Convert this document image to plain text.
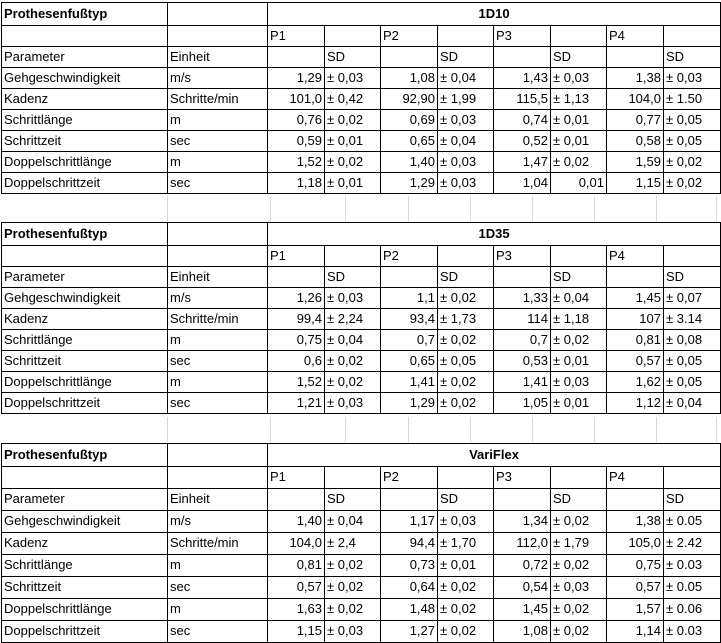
Prothesenfußtyp		1D10							
		P1		P2		P3		P4	
Parameter	Einheit		SD		SD		SD		SD
Gehgeschwindigkeit	m/s	1,29	± 0,03	1,08	± 0,04	1,43	± 0,03	1,38	± 0,03
Kadenz	Schritte/min	101,0	± 0,42	92,90	± 1,99	115,5	± 1,13	104,0	± 1.50
Schrittlänge	m	0,76	± 0,02	0,69	± 0,03	0,74	± 0,01	0,77	± 0,05
Schrittzeit	sec	0,59	± 0,01	0,65	± 0,04	0,52	± 0,01	0,58	± 0,05
Doppelschrittlänge	m	1,52	± 0,02	1,40	± 0,03	1,47	± 0,02	1,59	± 0,02
Doppelschrittzeit	sec	1,18	± 0,01	1,29	± 0,03	1,04	0,01	1,15	± 0,02
Prothesenfußtyp		1D35							
		P1		P2		P3		P4	
Parameter	Einheit		SD		SD		SD		SD
Gehgeschwindigkeit	m/s	1,26	± 0,03	1,1	± 0,02	1,33	± 0,04	1,45	± 0,07
Kadenz	Schritte/min	99,4	± 2,24	93,4	± 1,73	114	± 1,18	107	± 3.14
Schrittlänge	m	0,75	± 0,04	0,7	± 0,02	0,7	± 0,02	0,81	± 0,08
Schrittzeit	sec	0,6	± 0,02	0,65	± 0,05	0,53	± 0,01	0,57	± 0,05
Doppelschrittlänge	m	1,52	± 0,02	1,41	± 0,02	1,41	± 0,03	1,62	± 0,05
Doppelschrittzeit	sec	1,21	± 0,03	1,29	± 0,02	1,05	± 0,01	1,12	± 0,04
Prothesenfußtyp		VariFlex							
		P1		P2		P3		P4	
Parameter	Einheit		SD		SD		SD		SD
Gehgeschwindigkeit	m/s	1,40	± 0,04	1,17	± 0,03	1,34	± 0,02	1,38	± 0.05
Kadenz	Schritte/min	104,0	± 2,4	94,4	± 1,70	112,0	± 1,79	105,0	± 2.42
Schrittlänge	m	0,81	± 0,02	0,73	± 0,01	0,72	± 0,02	0,75	± 0.03
Schrittzeit	sec	0,57	± 0,02	0,64	± 0,02	0,54	± 0,03	0,57	± 0.05
Doppelschrittlänge	m	1,63	± 0,02	1,48	± 0,02	1,45	± 0,02	1,57	± 0.06
Doppelschrittzeit	sec	1,15	± 0,03	1,27	± 0,02	1,08	± 0,02	1,14	± 0.03
